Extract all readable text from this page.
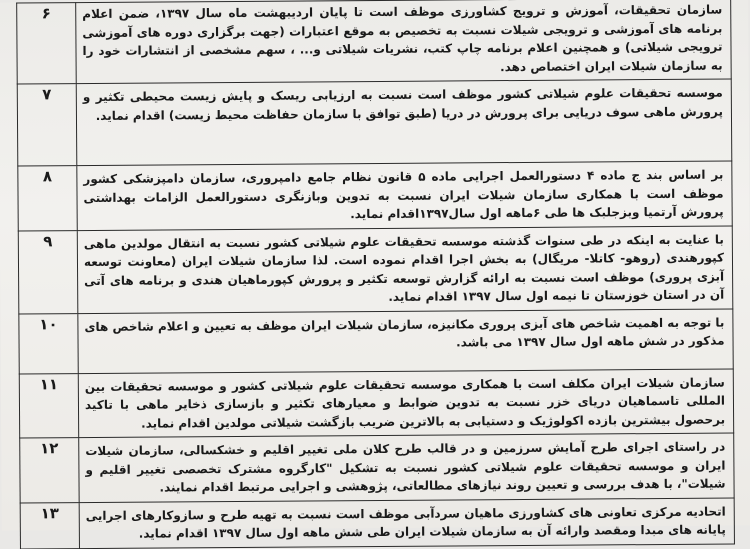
سازمان تحقیقات، آموزش و ترویج کشاورزی موظف است تا پایان اردیبهشت ماه سال ۱۳۹۷، ضمن اعلام برنامه های آموزشی و ترویجی شیلات نسبت به تخصیص به موقع اعتبارات (جهت برگزاری دوره های آموزشی ترویجی شیلاتی) و همچنین اعلام برنامه چاپ کتب، نشریات شیلاتی و... ، سهم مشخصی از انتشارات خود را به سازمان شیلات ایران اختصاص دهد.	۶
موسسه تحقیقات علوم شیلاتی کشور موظف است نسبت به ارزیابی ریسک و پایش زیست محیطی تکثیر و پرورش ماهی سوف دریایی برای پرورش در دریا (طبق توافق با سازمان حفاظت محیط زیست) اقدام نماید.	۷
بر اساس بند ج ماده ۴ دستورالعمل اجرایی ماده ۵ قانون نظام جامع دامپروری، سازمان دامپزشکی کشور موظف است با همکاری سازمان شیلات ایران نسبت به تدوین وبازنگری دستورالعمل الزامات بهداشتی پرورش آرتمیا وبزجلبک ها طی ۶ماهه اول سال۱۳۹۷اقدام نماید.	۸
با عنایت به اینکه در طی سنوات گذشته موسسه تحقیقات علوم شیلاتی کشور نسبت به انتقال مولدین ماهی کپورهندی (روهو- کاتلا- مریگال) به بخش اجرا اقدام نموده است. لذا سازمان شیلات ایران (معاونت توسعه آبزی پروری) موظف است نسبت به ارائه گزارش توسعه تکثیر و پرورش کپورماهیان هندی و برنامه های آتی آن در استان خوزستان تا نیمه اول سال ۱۳۹۷ اقدام نماید.	۹
با توجه به اهمیت شاخص های آبزی پروری مکانیزه، سازمان شیلات ایران موظف به تعیین و اعلام شاخص های مذکور در شش ماهه اول سال ۱۳۹۷ می باشد.	۱۰
سازمان شیلات ایران مکلف است با همکاری موسسه تحقیقات علوم شیلاتی کشور و موسسه تحقیقات بین المللی تاسماهیان دریای خزر نسبت به تدوین ضوابط و معیارهای تکثیر و بازسازی ذخایر ماهی با تاکید برحصول بیشترین بازده اکولوژیک و دستیابی به بالاترین ضریب بازگشت شیلاتی مولدین اقدام نماید.	۱۱
در راستای اجرای طرح آمایش سرزمین و در قالب طرح کلان ملی تغییر اقلیم و خشکسالی، سازمان شیلات ایران و موسسه تحقیقات علوم شیلاتی کشور نسبت به تشکیل "کارگروه مشترک تخصصی تغییر اقلیم و شیلات"، با هدف بررسی و تعیین روند نیازهای مطالعاتی، پژوهشی و اجرایی مرتبط اقدام نمایند.	۱۲
اتحادیه مرکزی تعاونی های کشاورزی ماهیان سردآبی موظف است نسبت به تهیه طرح و سازوکارهای اجرایی پایانه های مبدا ومقصد وارائه آن به سازمان شیلات ایران طی شش ماهه اول سال ۱۳۹۷ اقدام نماید.	۱۳
